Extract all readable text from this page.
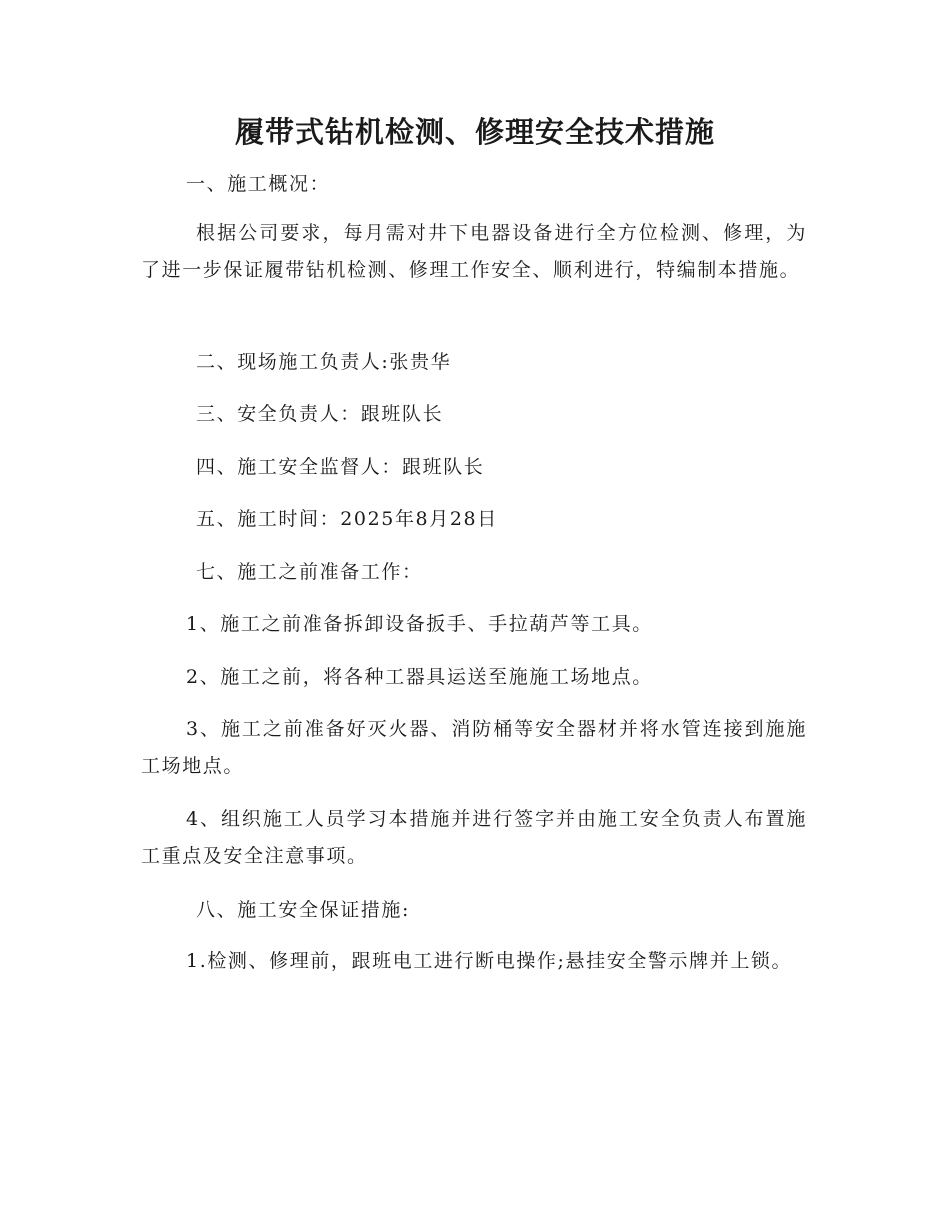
履带式钻机检测、修理安全技术措施

一、施工概况：

根据公司要求，每月需对井下电器设备进行全方位检测、修理，为了进一步保证履带钻机检测、修理工作安全、顺利进行，特编制本措施。

二、现场施工负责人:张贵华

三、安全负责人：跟班队长

四、施工安全监督人：跟班队长

五、施工时间：2025年8月28日

七、施工之前准备工作：

1、施工之前准备拆卸设备扳手、手拉葫芦等工具。

2、施工之前，将各种工器具运送至施施工场地点。

3、施工之前准备好灭火器、消防桶等安全器材并将水管连接到施施工场地点。

4、组织施工人员学习本措施并进行签字并由施工安全负责人布置施工重点及安全注意事项。

八、施工安全保证措施:

1.检测、修理前，跟班电工进行断电操作;悬挂安全警示牌并上锁。
